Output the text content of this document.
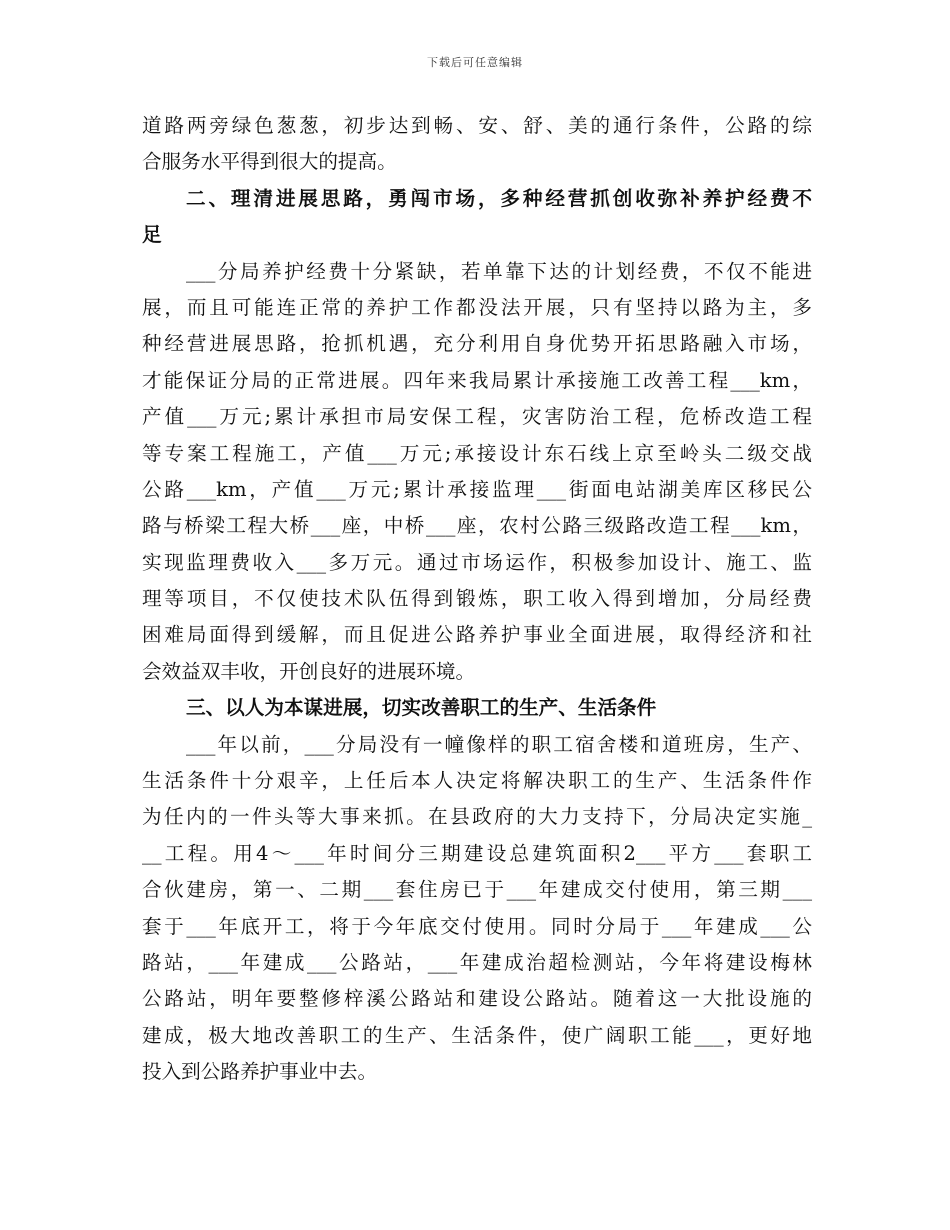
下载后可任意编辑
道路两旁绿色葱葱，初步达到畅、安、舒、美的通行条件，公路的综
合服务水平得到很大的提高。
二、理清进展思路，勇闯市场，多种经营抓创收弥补养护经费不
足
___分局养护经费十分紧缺，若单靠下达的计划经费，不仅不能进
展，而且可能连正常的养护工作都没法开展，只有坚持以路为主，多
种经营进展思路，抢抓机遇，充分利用自身优势开拓思路融入市场，
才能保证分局的正常进展。四年来我局累计承接施工改善工程___km，
产值___万元;累计承担市局安保工程，灾害防治工程，危桥改造工程
等专案工程施工，产值___万元;承接设计东石线上京至岭头二级交战
公路___km，产值___万元;累计承接监理___街面电站湖美库区移民公
路与桥梁工程大桥___座，中桥___座，农村公路三级路改造工程___km，
实现监理费收入___多万元。通过市场运作，积极参加设计、施工、监
理等项目，不仅使技术队伍得到锻炼，职工收入得到增加，分局经费
困难局面得到缓解，而且促进公路养护事业全面进展，取得经济和社
会效益双丰收，开创良好的进展环境。
三、以人为本谋进展，切实改善职工的生产、生活条件
___年以前，___分局没有一幢像样的职工宿舍楼和道班房，生产、
生活条件十分艰辛，上任后本人决定将解决职工的生产、生活条件作
为任内的一件头等大事来抓。在县政府的大力支持下，分局决定实施_
__工程。用4～___年时间分三期建设总建筑面积2___平方___套职工
合伙建房，第一、二期___套住房已于___年建成交付使用，第三期___
套于___年底开工，将于今年底交付使用。同时分局于___年建成___公
路站，___年建成___公路站，___年建成治超检测站，今年将建设梅林
公路站，明年要整修梓溪公路站和建设公路站。随着这一大批设施的
建成，极大地改善职工的生产、生活条件，使广阔职工能___，更好地
投入到公路养护事业中去。
